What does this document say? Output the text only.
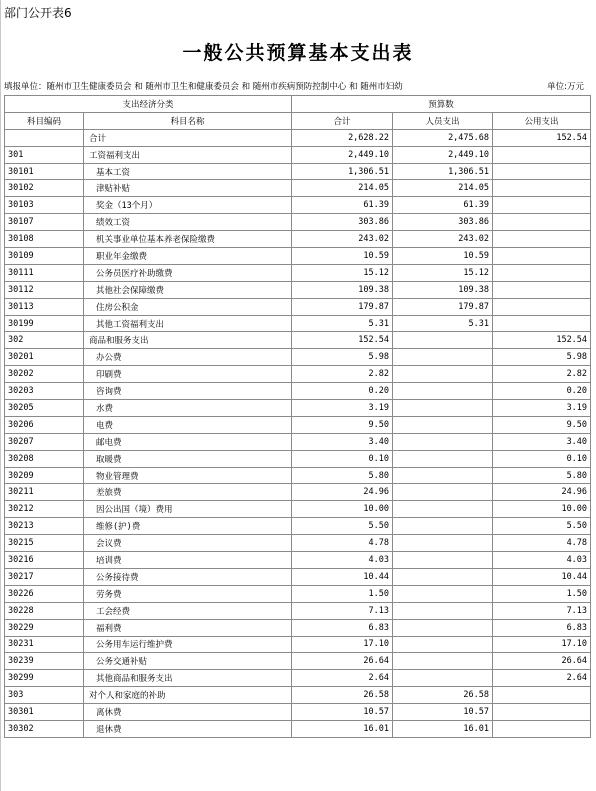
部门公开表6
一般公共预算基本支出表
填报单位：随州市卫生健康委员会 和 随州市卫生和健康委员会 和 随州市疾病预防控制中心 和 随州市妇幼	单位:万元
支出经济分类		预算数		
科目编码	科目名称	合计	人员支出	公用支出
	合计	2,628.22	2,475.68	152.54
301	工资福利支出	2,449.10	2,449.10	
30101	基本工资	1,306.51	1,306.51	
30102	津贴补贴	214.05	214.05	
30103	奖金（13个月）	61.39	61.39	
30107	绩效工资	303.86	303.86	
30108	机关事业单位基本养老保险缴费	243.02	243.02	
30109	职业年金缴费	10.59	10.59	
30111	公务员医疗补助缴费	15.12	15.12	
30112	其他社会保障缴费	109.38	109.38	
30113	住房公积金	179.87	179.87	
30199	其他工资福利支出	5.31	5.31	
302	商品和服务支出	152.54		152.54
30201	办公费	5.98		5.98
30202	印刷费	2.82		2.82
30203	咨询费	0.20		0.20
30205	水费	3.19		3.19
30206	电费	9.50		9.50
30207	邮电费	3.40		3.40
30208	取暖费	0.10		0.10
30209	物业管理费	5.80		5.80
30211	差旅费	24.96		24.96
30212	因公出国（境）费用	10.00		10.00
30213	维修(护)费	5.50		5.50
30215	会议费	4.78		4.78
30216	培训费	4.03		4.03
30217	公务接待费	10.44		10.44
30226	劳务费	1.50		1.50
30228	工会经费	7.13		7.13
30229	福利费	6.83		6.83
30231	公务用车运行维护费	17.10		17.10
30239	公务交通补贴	26.64		26.64
30299	其他商品和服务支出	2.64		2.64
303	对个人和家庭的补助	26.58	26.58	
30301	离休费	10.57	10.57	
30302	退休费	16.01	16.01	
